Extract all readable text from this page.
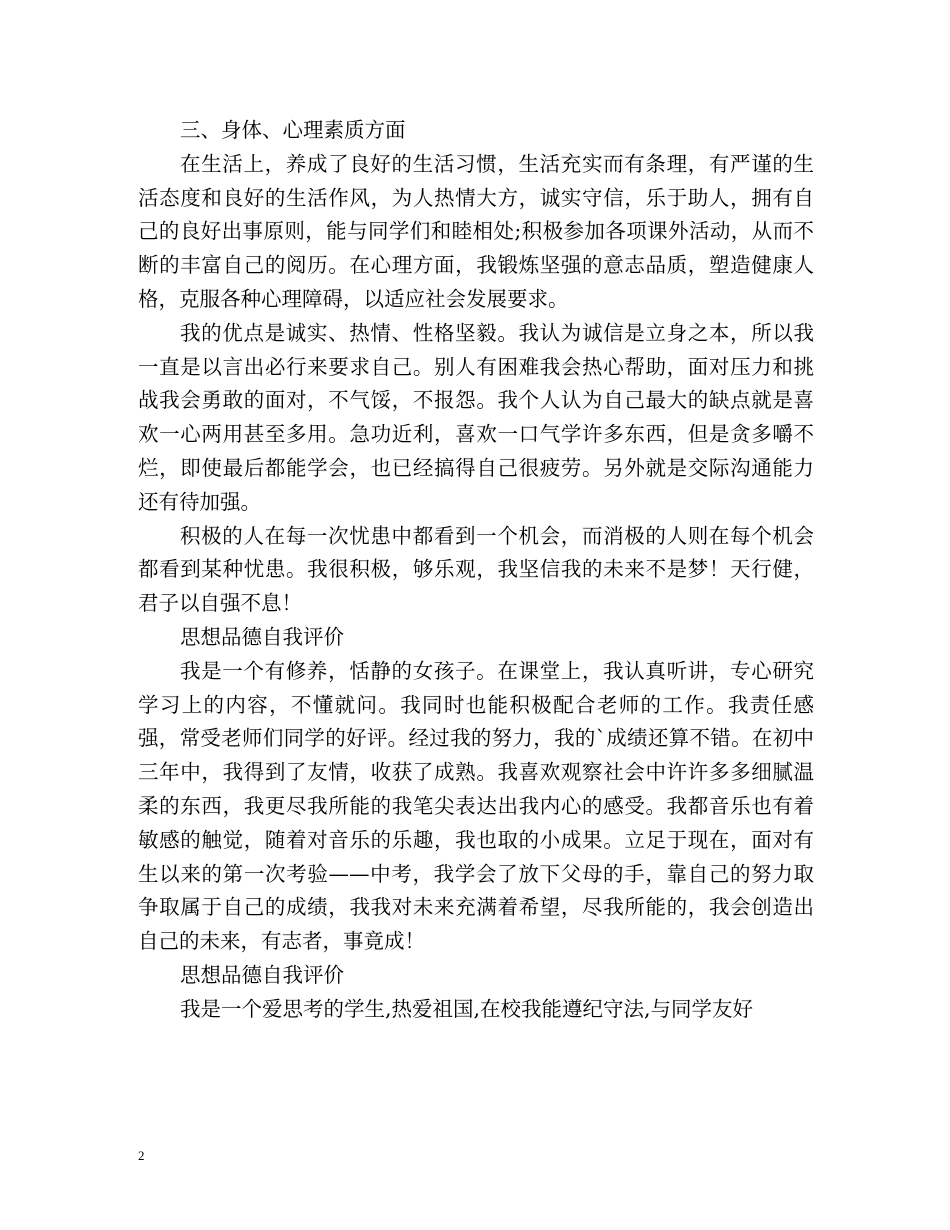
三、身体、心理素质方面

在生活上，养成了良好的生活习惯，生活充实而有条理，有严谨的生活态度和良好的生活作风，为人热情大方，诚实守信，乐于助人，拥有自己的良好出事原则，能与同学们和睦相处;积极参加各项课外活动，从而不断的丰富自己的阅历。在心理方面，我锻炼坚强的意志品质，塑造健康人格，克服各种心理障碍，以适应社会发展要求。

我的优点是诚实、热情、性格坚毅。我认为诚信是立身之本，所以我一直是以言出必行来要求自己。别人有困难我会热心帮助，面对压力和挑战我会勇敢的面对，不气馁，不报怨。我个人认为自己最大的缺点就是喜欢一心两用甚至多用。急功近利，喜欢一口气学许多东西，但是贪多嚼不烂，即使最后都能学会，也已经搞得自己很疲劳。另外就是交际沟通能力还有待加强。

积极的人在每一次忧患中都看到一个机会，而消极的人则在每个机会都看到某种忧患。我很积极，够乐观，我坚信我的未来不是梦！天行健，君子以自强不息！

思想品德自我评价

我是一个有修养，恬静的女孩子。在课堂上，我认真听讲，专心研究学习上的内容，不懂就问。我同时也能积极配合老师的工作。我责任感强，常受老师们同学的好评。经过我的努力，我的`成绩还算不错。在初中三年中，我得到了友情，收获了成熟。我喜欢观察社会中许许多多细腻温柔的东西，我更尽我所能的我笔尖表达出我内心的感受。我都音乐也有着敏感的触觉，随着对音乐的乐趣，我也取的小成果。立足于现在，面对有生以来的第一次考验——中考，我学会了放下父母的手，靠自己的努力取争取属于自己的成绩，我我对未来充满着希望，尽我所能的，我会创造出自己的未来，有志者，事竟成！

思想品德自我评价

我是一个爱思考的学生,热爱祖国,在校我能遵纪守法,与同学友好

2
